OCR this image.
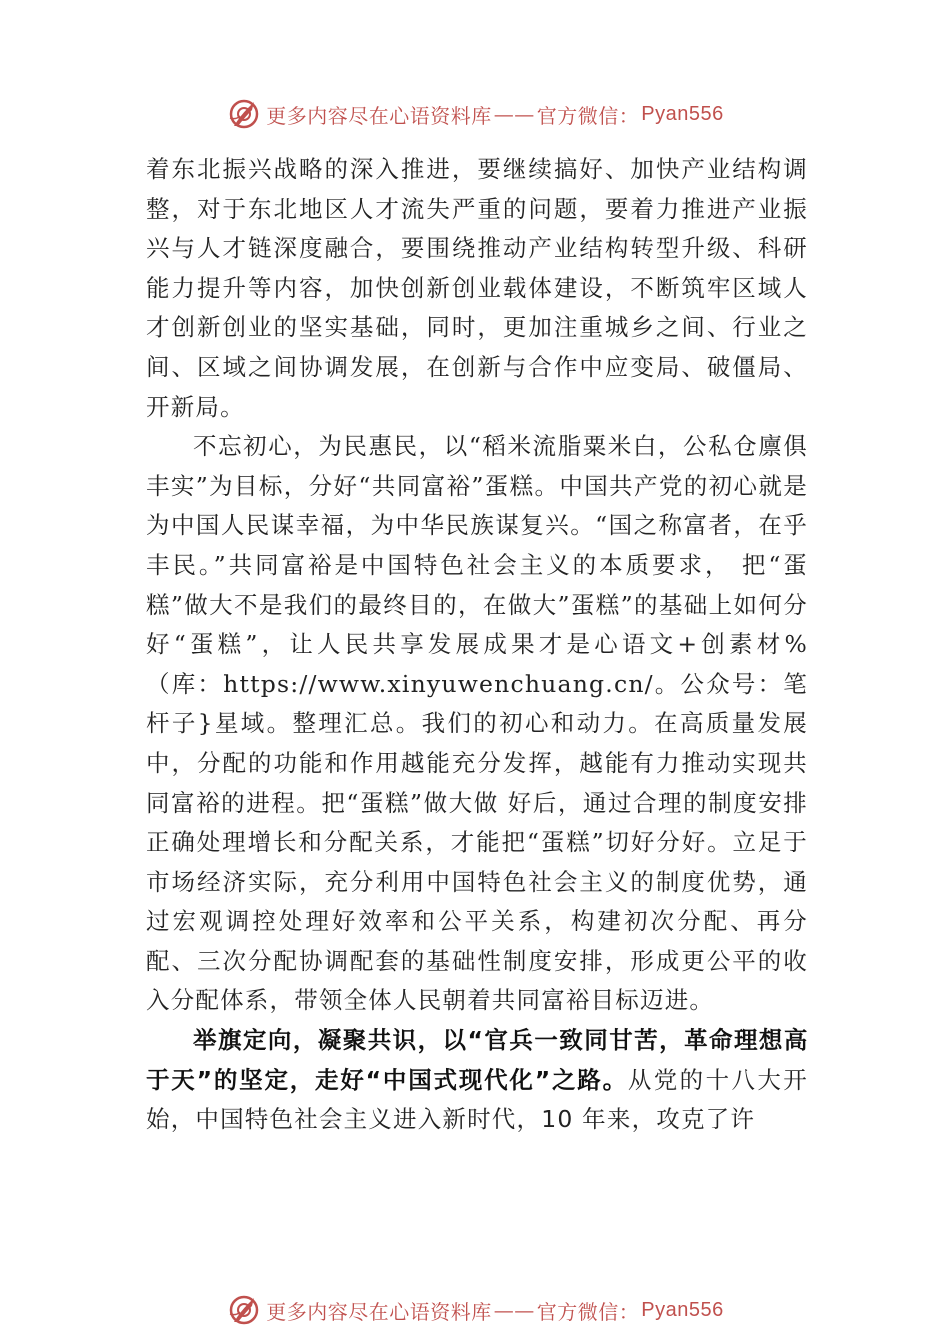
更多内容尽在心语资料库 —— 官方微信： Pyan556

着东北振兴战略的深入推进，要继续搞好、加快产业结构调整，对于东北地区人才流失严重的问题，要着力推进产业振兴与人才链深度融合，要围绕推动产业结构转型升级、科研能力提升等内容，加快创新创业载体建设，不断筑牢区域人才创新创业的坚实基础，同时，更加注重城乡之间、行业之间、区域之间协调发展，在创新与合作中应变局、破僵局、 开新局。

不忘初心，为民惠民，以“稻米流脂粟米白，公私仓廪俱丰实”为目标，分好“共同富裕”蛋糕。中国共产党的初心就是为中国人民谋幸福，为中华民族谋复兴。“国之称富者，在乎丰民。”共同富裕是中国特色社会主义的本质要求， 把“蛋糕”做大不是我们的最终目的，在做大”蛋糕”的基础上如何分好“蛋糕”，让人民共享发展成果才是心语文+创素材%（库：https://www.xinyuwenchuang.cn/。公众号：笔杆子}星域。整理汇总。我们的初心和动力。在高质量发展中，分配的功能和作用越能充分发挥，越能有力推动实现共同富裕的进程。把“蛋糕”做大做 好后，通过合理的制度安排正确处理增长和分配关系，才能把“蛋糕”切好分好。立足于市场经济实际，充分利用中国特色社会主义的制度优势，通过宏观调控处理好效率和公平关系，构建初次分配、再分配、三次分配协调配套的基础性制度安排，形成更公平的收入分配体系，带领全体人民朝着共同富裕目标迈进。

举旗定向，凝聚共识，以“官兵一致同甘苦，革命理想高于天”的坚定，走好“中国式现代化”之路。从党的十八大开始，中国特色社会主义进入新时代，10 年来，攻克了许

更多内容尽在心语资料库 —— 官方微信： Pyan556
